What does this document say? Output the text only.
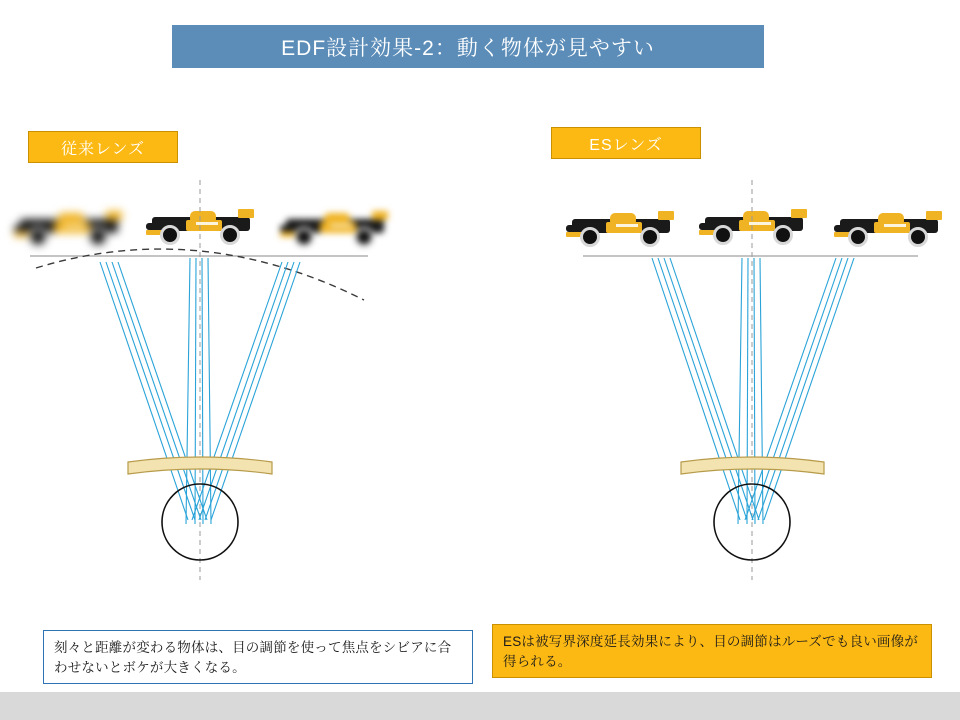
EDF設計効果-2：動く物体が見やすい
従来レンズ	ESレンズ
刻々と距離が変わる物体は、目の調節を使って焦点をシビアに合わせないとボケが大きくなる。
ESは被写界深度延長効果により、目の調節はルーズでも良い画像が得られる。
